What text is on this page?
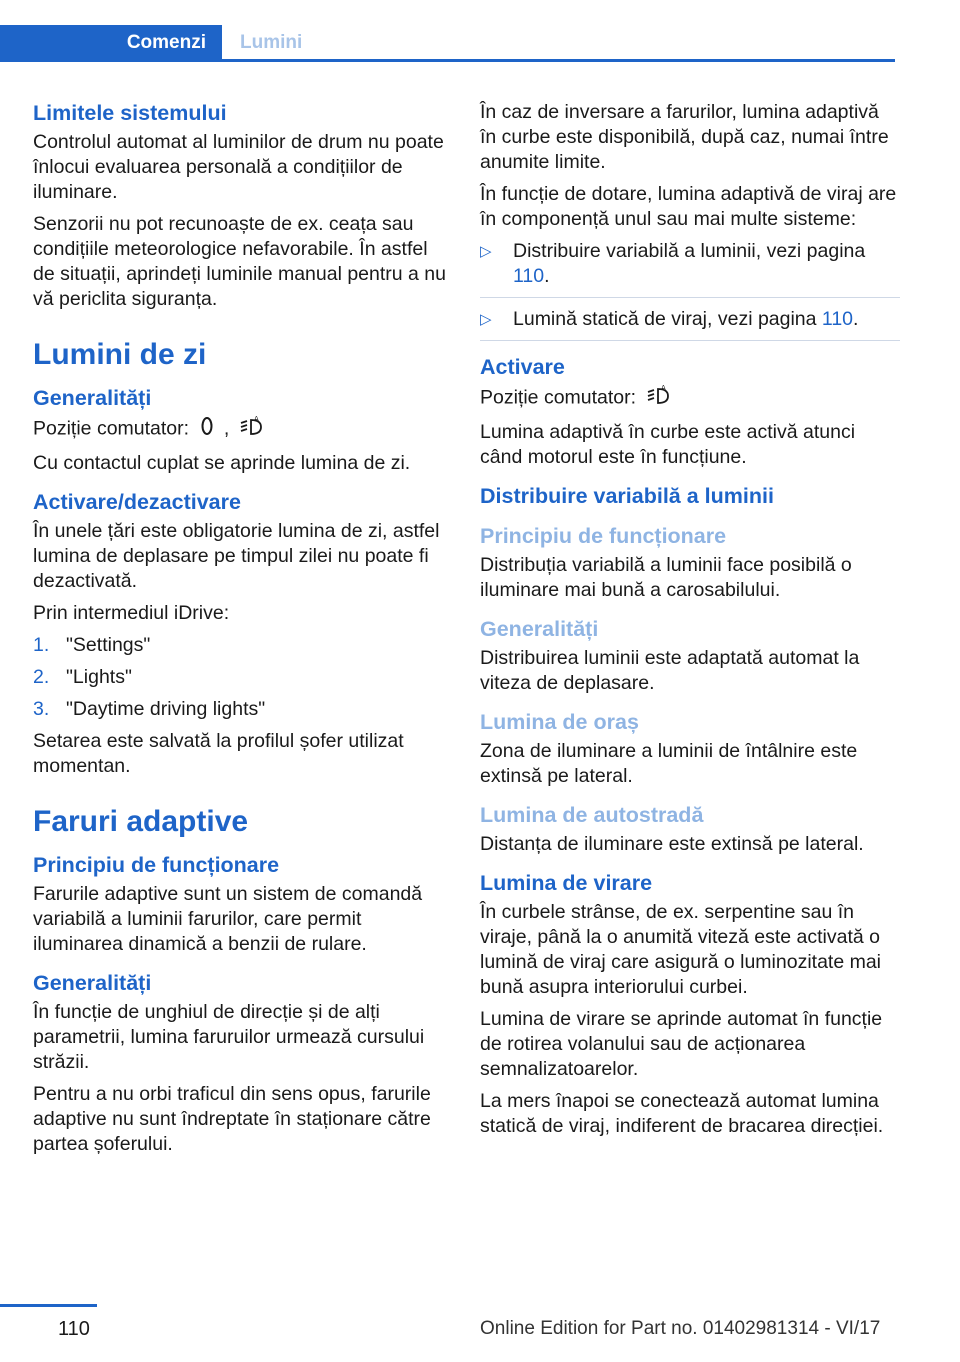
Comenzi	Lumini
Limitele sistemului

Controlul automat al luminilor de drum nu poate înlocui evaluarea personală a condițiilor de iluminare.

Senzorii nu pot recunoaște de ex. ceața sau condițiile meteorologice nefavorabile. În astfel de situații, aprindeți luminile manual pentru a nu vă periclita siguranța.

Lumini de zi
Generalități

Poziție comutator: ,	A

Cu contactul cuplat se aprinde lumina de zi.

Activare/dezactivare

În unele țări este obligatorie lumina de zi, astfel lumina de deplasare pe timpul zilei nu poate fi dezactivată.

Prin intermediul iDrive:

1. "Settings"
2. "Lights"
3. "Daytime driving lights"

Setarea este salvată la profilul șofer utilizat momentan.

Faruri adaptive
Principiu de funcționare

Farurile adaptive sunt un sistem de comandă variabilă a luminii farurilor, care permit iluminarea dinamică a benzii de rulare.

Generalități

În funcție de unghiul de direcție și de alți parametrii, lumina faruruilor urmează cursului străzii.

Pentru a nu orbi traficul din sens opus, farurile adaptive nu sunt îndreptate în staționare către partea șoferului.

În caz de inversare a farurilor, lumina adaptivă în curbe este disponibilă, după caz, numai între anumite limite.

În funcție de dotare, lumina adaptivă de viraj are în componență unul sau mai multe sisteme:

▷	Distribuire variabilă a luminii, vezi pagina 110.
▷	Lumină statică de viraj, vezi pagina 110.
Activare

Poziție comutator:	A

Lumina adaptivă în curbe este activă atunci când motorul este în funcțiune.

Distribuire variabilă a luminii
Principiu de funcționare

Distribuția variabilă a luminii face posibilă o iluminare mai bună a carosabilului.

Generalități

Distribuirea luminii este adaptată automat la viteza de deplasare.

Lumina de oraș

Zona de iluminare a luminii de întâlnire este extinsă pe lateral.

Lumina de autostradă

Distanța de iluminare este extinsă pe lateral.

Lumina de virare

În curbele strânse, de ex. serpentine sau în viraje, până la o anumită viteză este activată o lumină de viraj care asigură o luminozitate mai bună asupra interiorului curbei.

Lumina de virare se aprinde automat în funcție de rotirea volanului sau de acționarea semnalizatoarelor.

La mers înapoi se conectează automat lumina statică de viraj, indiferent de bracarea direcției.

110	Online Edition for Part no. 01402981314 - VI/17
